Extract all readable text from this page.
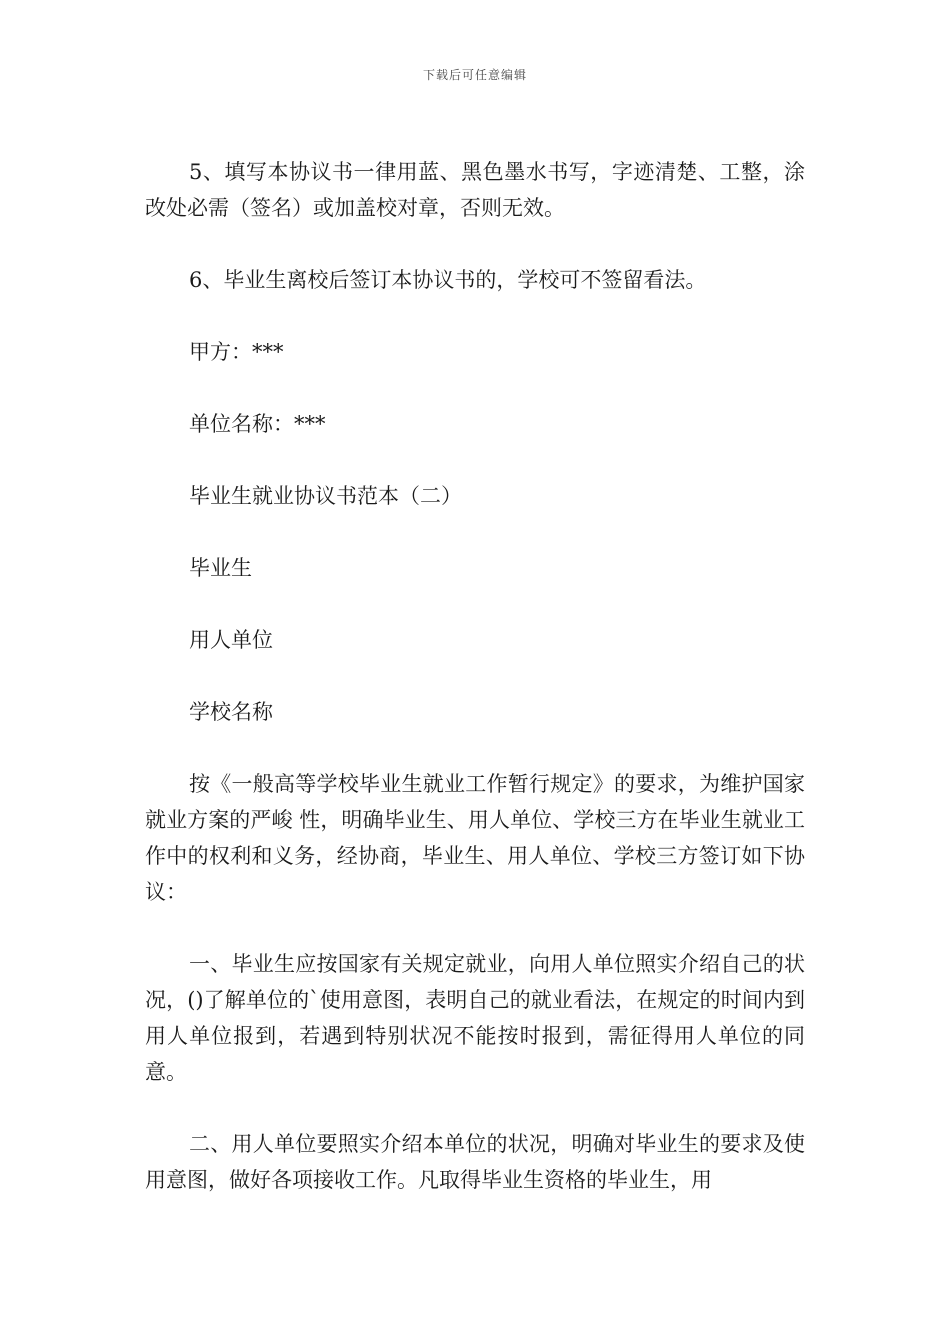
下载后可任意编辑

5、填写本协议书一律用蓝、黑色墨水书写，字迹清楚、工整，涂改处必需（签名）或加盖校对章，否则无效。

6、毕业生离校后签订本协议书的，学校可不签留看法。

甲方：***

单位名称：***

毕业生就业协议书范本（二）

毕业生

用人单位

学校名称

按《一般高等学校毕业生就业工作暂行规定》的要求，为维护国家就业方案的严峻 性，明确毕业生、用人单位、学校三方在毕业生就业工作中的权利和义务，经协商，毕业生、用人单位、学校三方签订如下协议：

一、毕业生应按国家有关规定就业，向用人单位照实介绍自己的状况，()了解单位的`使用意图，表明自己的就业看法，在规定的时间内到用人单位报到，若遇到特别状况不能按时报到，需征得用人单位的同意。

二、用人单位要照实介绍本单位的状况，明确对毕业生的要求及使用意图，做好各项接收工作。凡取得毕业生资格的毕业生，用
